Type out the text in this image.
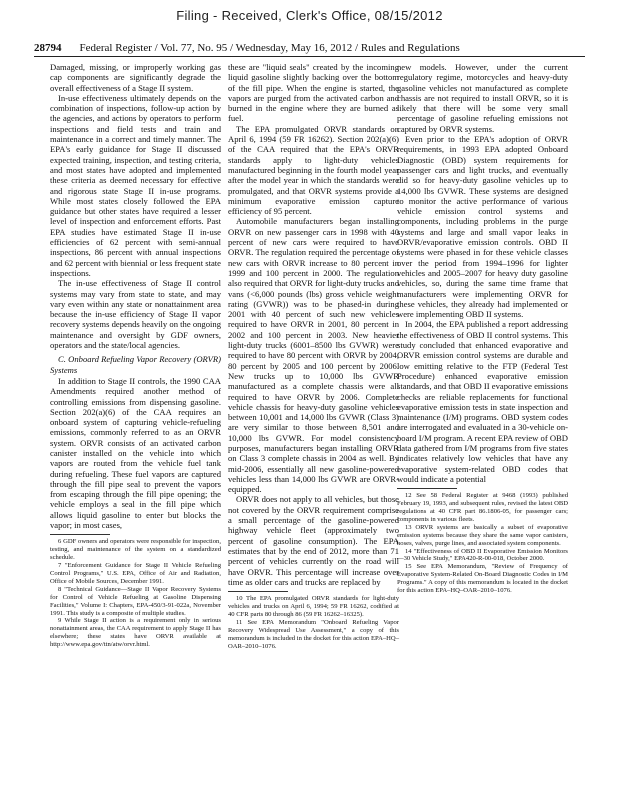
Filing - Received, Clerk's Office, 08/15/2012
28794 Federal Register / Vol. 77, No. 95 / Wednesday, May 16, 2012 / Rules and Regulations

Damaged, missing, or improperly working gas cap components are significantly degrade the overall effectiveness of a Stage II system.

In-use effectiveness ultimately depends on the combination of inspections, follow-up action by the agencies, and actions by operators to perform inspections and field tests and train and maintenance in a correct and timely manner. The EPA's early guidance for Stage II discussed expected training, inspection, and testing criteria, and most states have adopted and implemented these criteria as deemed necessary for effective and rigorous state Stage II in-use programs. While most states closely followed the EPA guidance but other states have required a lesser level of inspection and enforcement efforts. Past EPA studies have estimated Stage II in-use efficiencies of 62 percent with semi-annual inspections, 86 percent with annual inspections and 62 percent with biennial or less frequent state inspections.

The in-use effectiveness of Stage II control systems may vary from state to state, and may vary even within any state or nonattainment area because the in-use efficiency of Stage II vapor recovery systems depends heavily on the ongoing maintenance and oversight by GDF owners, operators and the state/local agencies.

C. Onboard Refueling Vapor Recovery (ORVR) Systems

In addition to Stage II controls, the 1990 CAA Amendments required another method of controlling emissions from dispensing gasoline. Section 202(a)(6) of the CAA requires an onboard system of capturing vehicle-refueling emissions, commonly referred to as an ORVR system. ORVR consists of an activated carbon canister installed on the vehicle into which vapors are routed from the vehicle fuel tank during refueling. These fuel vapors are captured through the fill pipe seal to prevent the vapors from escaping through the fill pipe opening; the vehicle employs a seal in the fill pipe which allows liquid gasoline to enter but blocks the vapor; in most cases,

6 GDF owners and operators were responsible for inspection, testing, and maintenance of the system on a standardized schedule.

7 "Enforcement Guidance for Stage II Vehicle Refueling Control Programs," U.S. EPA, Office of Air and Radiation, Office of Mobile Sources, December 1991.

8 "Technical Guidance—Stage II Vapor Recovery Systems for Control of Vehicle Refueling at Gasoline Dispensing Facilities," Volume I: Chapters, EPA-450/3-91-022a, November 1991. This study is a composite of multiple studies.

9 While Stage II action is a requirement only in serious nonattainment areas, the CAA requirement to apply Stage II has elsewhere; these states have ORVR available at http://www.epa.gov/ttn/atw/orvr.html.

these are "liquid seals" created by the incoming liquid gasoline slightly backing over the bottom of the fill pipe. When the engine is started, the vapors are purged from the activated carbon and burned in the engine where they are burned as fuel.

The EPA promulgated ORVR standards on April 6, 1994 (59 FR 16262). Section 202(a)(6) of the CAA required that the EPA's ORVR standards apply to light-duty vehicles manufactured beginning in the fourth model year after the model year in which the standards were promulgated, and that ORVR systems provide a minimum evaporative emission capture efficiency of 95 percent.

Automobile manufacturers began installing ORVR on new passenger cars in 1998 with 40 percent of new cars were required to have ORVR. The regulation required the percentage of new cars with ORVR increase to 80 percent in 1999 and 100 percent in 2000. The regulation also required that ORVR for light-duty trucks and vans (<6,000 pounds (lbs) gross vehicle weight rating (GVWR)) was to be phased-in during 2001 with 40 percent of such new vehicles required to have ORVR in 2001, 80 percent in 2002 and 100 percent in 2003. New heavier light-duty trucks (6001–8500 lbs GVWR) were required to have 80 percent with ORVR by 2004, 80 percent by 2005 and 100 percent by 2006. New trucks up to 10,000 lbs GVWR manufactured as a complete chassis were all required to have ORVR by 2006. Complete vehicle chassis for heavy-duty gasoline vehicles between 10,001 and 14,000 lbs GVWR (Class 3) are very similar to those between 8,501 and 10,000 lbs GVWR. For model consistency purposes, manufacturers began installing ORVR on Class 3 complete chassis in 2004 as well. By mid-2006, essentially all new gasoline-powered vehicles less than 14,000 lbs GVWR are ORVR-equipped.

ORVR does not apply to all vehicles, but those not covered by the ORVR requirement comprise a small percentage of the gasoline-powered highway vehicle fleet (approximately two percent of gasoline consumption). The EPA estimates that by the end of 2012, more than 71 percent of vehicles currently on the road will have ORVR. This percentage will increase over time as older cars and trucks are replaced by

10 The EPA promulgated ORVR standards for light-duty vehicles and trucks on April 6, 1994; 59 FR 16262, codified at 40 CFR parts 80 through 86 (59 FR 16262–16325).

11 See EPA Memorandum "Onboard Refueling Vapor Recovery Widespread Use Assessment," a copy of this memorandum is included in the docket for this action EPA–HQ–OAR–2010–1076.

new models. However, under the current regulatory regime, motorcycles and heavy-duty gasoline vehicles not manufactured as complete chassis are not required to install ORVR, so it is likely that there will be some very small percentage of gasoline refueling emissions not captured by ORVR systems.

Even prior to the EPA's adoption of ORVR requirements, in 1993 EPA adopted Onboard Diagnostic (OBD) system requirements for passenger cars and light trucks, and eventually did so for heavy-duty gasoline vehicles up to 14,000 lbs GVWR. These systems are designed to monitor the active performance of various vehicle emission control systems and components, including problems in the purge systems and large and small vapor leaks in ORVR/evaporative emission controls. OBD II systems were phased in for these vehicle classes over the period from 1994–1996 for lighter vehicles and 2005–2007 for heavy duty gasoline vehicles, so, during the same time frame that manufacturers were implementing ORVR for these vehicles, they already had implemented or were implementing OBD II systems.

In 2004, the EPA published a report addressing the effectiveness of OBD II control systems. This study concluded that enhanced evaporative and ORVR emission control systems are durable and low emitting relative to the FTP (Federal Test Procedure) enhanced evaporative emission standards, and that OBD II evaporative emissions checks are reliable replacements for functional evaporative emission tests in state inspection and maintenance (I/M) programs. OBD system codes are interrogated and evaluated in a 30-vehicle on-board I/M program. A recent EPA review of OBD data gathered from I/M programs from five states indicates relatively low vehicles that have any evaporative system-related OBD codes that would indicate a potential

12 See 58 Federal Register at 9468 (1993) published February 19, 1993, and subsequent rules, revised the latest OBD regulations at 40 CFR part 86.1806-05, for passenger cars; components in various fleets.

13 ORVR systems are basically a subset of evaporative emission systems because they share the same vapor canisters, hoses, valves, purge lines, and associated system components.

14 "Effectiveness of OBD II Evaporative Emission Monitors—30 Vehicle Study," EPA420-R-00-018, October 2000.

15 See EPA Memorandum, "Review of Frequency of Evaporative System-Related On-Board Diagnostic Codes in I/M Programs." A copy of this memorandum is located in the docket for this action EPA–HQ–OAR–2010–1076.
